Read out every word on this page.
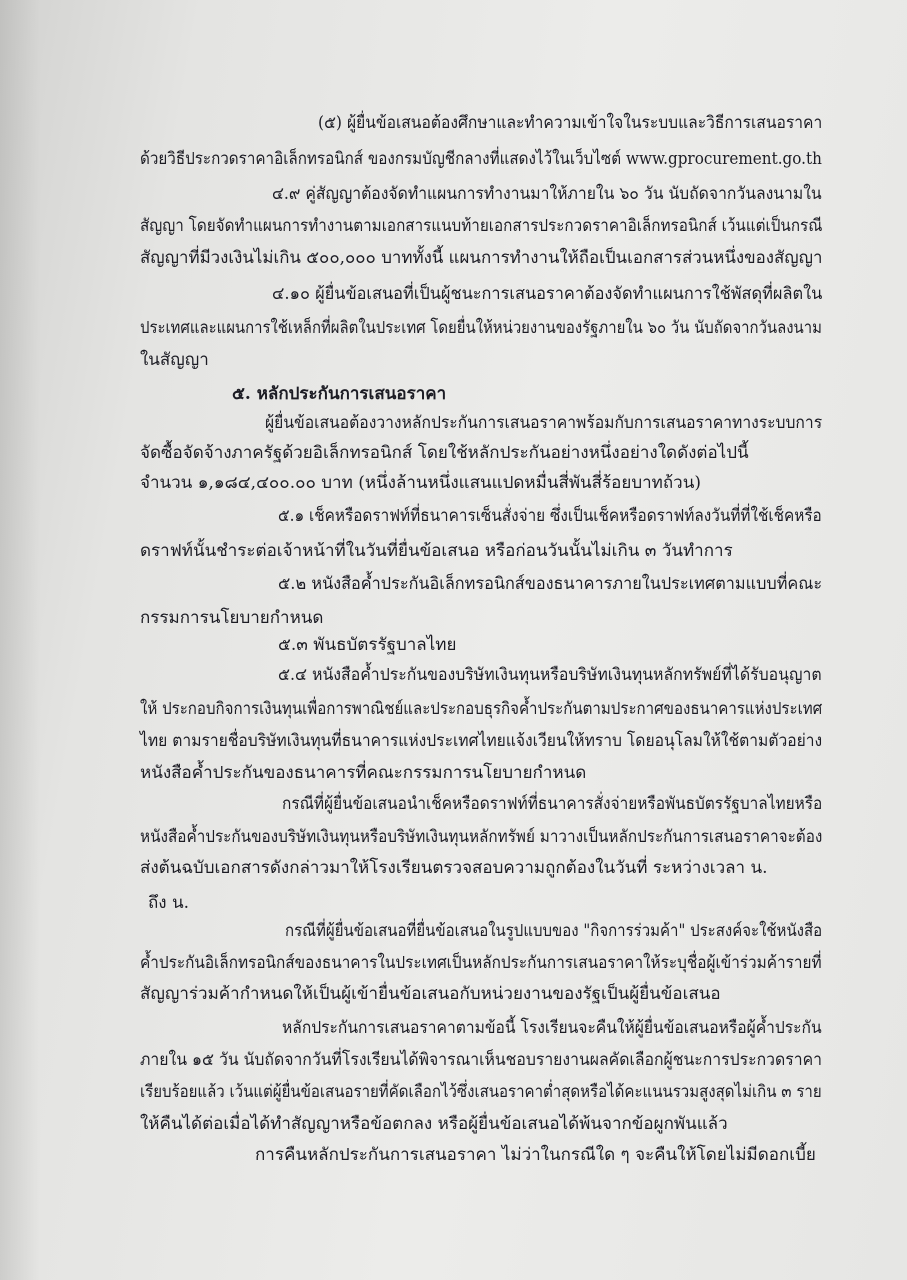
(๕) ผู้ยื่นข้อเสนอต้องศึกษาและทำความเข้าใจในระบบและวิธีการเสนอราคา
ด้วยวิธีประกวดราคาอิเล็กทรอนิกส์ ของกรมบัญชีกลางที่แสดงไว้ในเว็บไซต์ www.gprocurement.go.th
๔.๙ คู่สัญญาต้องจัดทำแผนการทำงานมาให้ภายใน ๖๐ วัน นับถัดจากวันลงนามใน
สัญญา โดยจัดทำแผนการทำงานตามเอกสารแนบท้ายเอกสารประกวดราคาอิเล็กทรอนิกส์ เว้นแต่เป็นกรณี
สัญญาที่มีวงเงินไม่เกิน ๕๐๐,๐๐๐ บาททั้งนี้ แผนการทำงานให้ถือเป็นเอกสารส่วนหนึ่งของสัญญา
๔.๑๐ ผู้ยื่นข้อเสนอที่เป็นผู้ชนะการเสนอราคาต้องจัดทำแผนการใช้พัสดุที่ผลิตใน
ประเทศและแผนการใช้เหล็กที่ผลิตในประเทศ โดยยื่นให้หน่วยงานของรัฐภายใน ๖๐ วัน นับถัดจากวันลงนาม
ในสัญญา
๕. หลักประกันการเสนอราคา
ผู้ยื่นข้อเสนอต้องวางหลักประกันการเสนอราคาพร้อมกับการเสนอราคาทางระบบการ
จัดซื้อจัดจ้างภาครัฐด้วยอิเล็กทรอนิกส์ โดยใช้หลักประกันอย่างหนึ่งอย่างใดดังต่อไปนี้
จำนวน ๑,๑๘๔,๔๐๐.๐๐ บาท (หนึ่งล้านหนึ่งแสนแปดหมื่นสี่พันสี่ร้อยบาทถ้วน)
๕.๑ เช็คหรือดราฟท์ที่ธนาคารเซ็นสั่งจ่าย ซึ่งเป็นเช็คหรือดราฟท์ลงวันที่ที่ใช้เช็คหรือ
ดราฟท์นั้นชำระต่อเจ้าหน้าที่ในวันที่ยื่นข้อเสนอ หรือก่อนวันนั้นไม่เกิน ๓ วันทำการ
๕.๒ หนังสือค้ำประกันอิเล็กทรอนิกส์ของธนาคารภายในประเทศตามแบบที่คณะ
กรรมการนโยบายกำหนด
๕.๓ พันธบัตรรัฐบาลไทย
๕.๔ หนังสือค้ำประกันของบริษัทเงินทุนหรือบริษัทเงินทุนหลักทรัพย์ที่ได้รับอนุญาต
ให้ ประกอบกิจการเงินทุนเพื่อการพาณิชย์และประกอบธุรกิจค้ำประกันตามประกาศของธนาคารแห่งประเทศ
ไทย ตามรายชื่อบริษัทเงินทุนที่ธนาคารแห่งประเทศไทยแจ้งเวียนให้ทราบ โดยอนุโลมให้ใช้ตามตัวอย่าง
หนังสือค้ำประกันของธนาคารที่คณะกรรมการนโยบายกำหนด
กรณีที่ผู้ยื่นข้อเสนอนำเช็คหรือดราฟท์ที่ธนาคารสั่งจ่ายหรือพันธบัตรรัฐบาลไทยหรือ
หนังสือค้ำประกันของบริษัทเงินทุนหรือบริษัทเงินทุนหลักทรัพย์ มาวางเป็นหลักประกันการเสนอราคาจะต้อง
ส่งต้นฉบับเอกสารดังกล่าวมาให้โรงเรียนตรวจสอบความถูกต้องในวันที่ ระหว่างเวลา น.
ถึง น.
กรณีที่ผู้ยื่นข้อเสนอที่ยื่นข้อเสนอในรูปแบบของ "กิจการร่วมค้า" ประสงค์จะใช้หนังสือ
ค้ำประกันอิเล็กทรอนิกส์ของธนาคารในประเทศเป็นหลักประกันการเสนอราคาให้ระบุชื่อผู้เข้าร่วมค้ารายที่
สัญญาร่วมค้ากำหนดให้เป็นผู้เข้ายื่นข้อเสนอกับหน่วยงานของรัฐเป็นผู้ยื่นข้อเสนอ
หลักประกันการเสนอราคาตามข้อนี้ โรงเรียนจะคืนให้ผู้ยื่นข้อเสนอหรือผู้ค้ำประกัน
ภายใน ๑๕ วัน นับถัดจากวันที่โรงเรียนได้พิจารณาเห็นชอบรายงานผลคัดเลือกผู้ชนะการประกวดราคา
เรียบร้อยแล้ว เว้นแต่ผู้ยื่นข้อเสนอรายที่คัดเลือกไว้ซึ่งเสนอราคาต่ำสุดหรือได้คะแนนรวมสูงสุดไม่เกิน ๓ ราย
ให้คืนได้ต่อเมื่อได้ทำสัญญาหรือข้อตกลง หรือผู้ยื่นข้อเสนอได้พ้นจากข้อผูกพันแล้ว
การคืนหลักประกันการเสนอราคา ไม่ว่าในกรณีใด ๆ จะคืนให้โดยไม่มีดอกเบี้ย
